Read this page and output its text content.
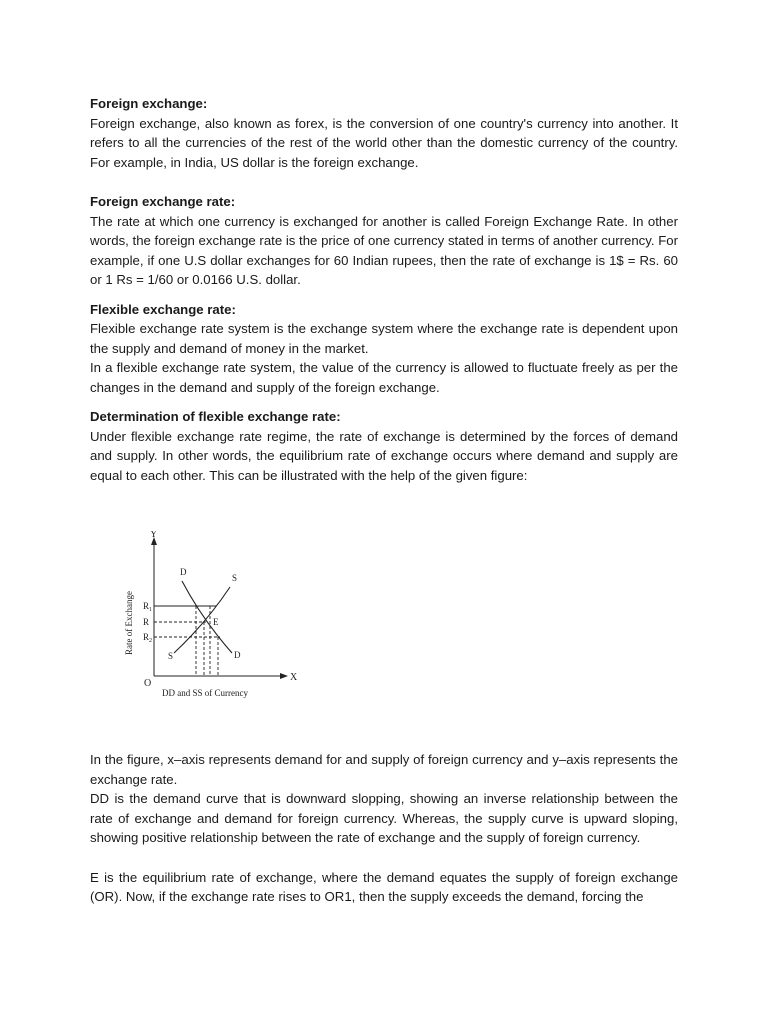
Foreign exchange:

Foreign exchange, also known as forex, is the conversion of one country's currency into another. It refers to all the currencies of the rest of the world other than the domestic currency of the country. For example, in India, US dollar is the foreign exchange.

Foreign exchange rate:

The rate at which one currency is exchanged for another is called Foreign Exchange Rate. In other words, the foreign exchange rate is the price of one currency stated in terms of another currency. For example, if one U.S dollar exchanges for 60 Indian rupees, then the rate of exchange is 1$ = Rs. 60 or 1 Rs = 1/60 or 0.0166 U.S. dollar.

Flexible exchange rate:

Flexible exchange rate system is the exchange system where the exchange rate is dependent upon the supply and demand of money in the market.

In a flexible exchange rate system, the value of the currency is allowed to fluctuate freely as per the changes in the demand and supply of the foreign exchange.

Determination of flexible exchange rate:

Under flexible exchange rate regime, the rate of exchange is determined by the forces of demand and supply. In other words, the equilibrium rate of exchange occurs where demand and supply are equal to each other. This can be illustrated with the help of the given figure:

Y
X
O
Rate of Exchange
DD and SS of Currency
D
D
S
S
E
$R_1$
R
$R_2$

In the figure, x–axis represents demand for and supply of foreign currency and y–axis represents the exchange rate.

DD is the demand curve that is downward slopping, showing an inverse relationship between the rate of exchange and demand for foreign currency. Whereas, the supply curve is upward sloping, showing positive relationship between the rate of exchange and the supply of foreign currency.

E is the equilibrium rate of exchange, where the demand equates the supply of foreign exchange (OR). Now, if the exchange rate rises to OR1, then the supply exceeds the demand, forcing the
